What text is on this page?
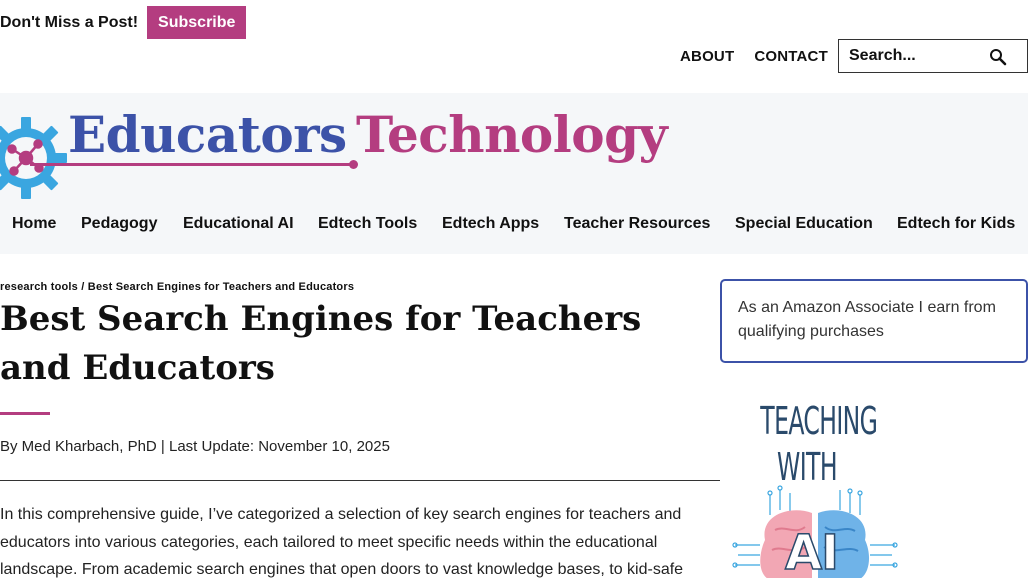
Don't Miss a Post!	Subscribe
ABOUT CONTACT
Search...
Educators Technology
Home Pedagogy Educational AI Edtech Tools Edtech Apps Teacher Resources Special Education Edtech for Kids
research tools / Best Search Engines for Teachers and Educators
Best Search Engines for Teachers and Educators
By Med Kharbach, PhD | Last Update: November 10, 2025

In this comprehensive guide, I’ve categorized a selection of key search engines for teachers and educators into various categories, each tailored to meet specific needs within the educational landscape. From academic search engines that open doors to vast knowledge bases, to kid-safe

As an Amazon Associate I earn from qualifying purchases
TEACHING
WITH
AI
